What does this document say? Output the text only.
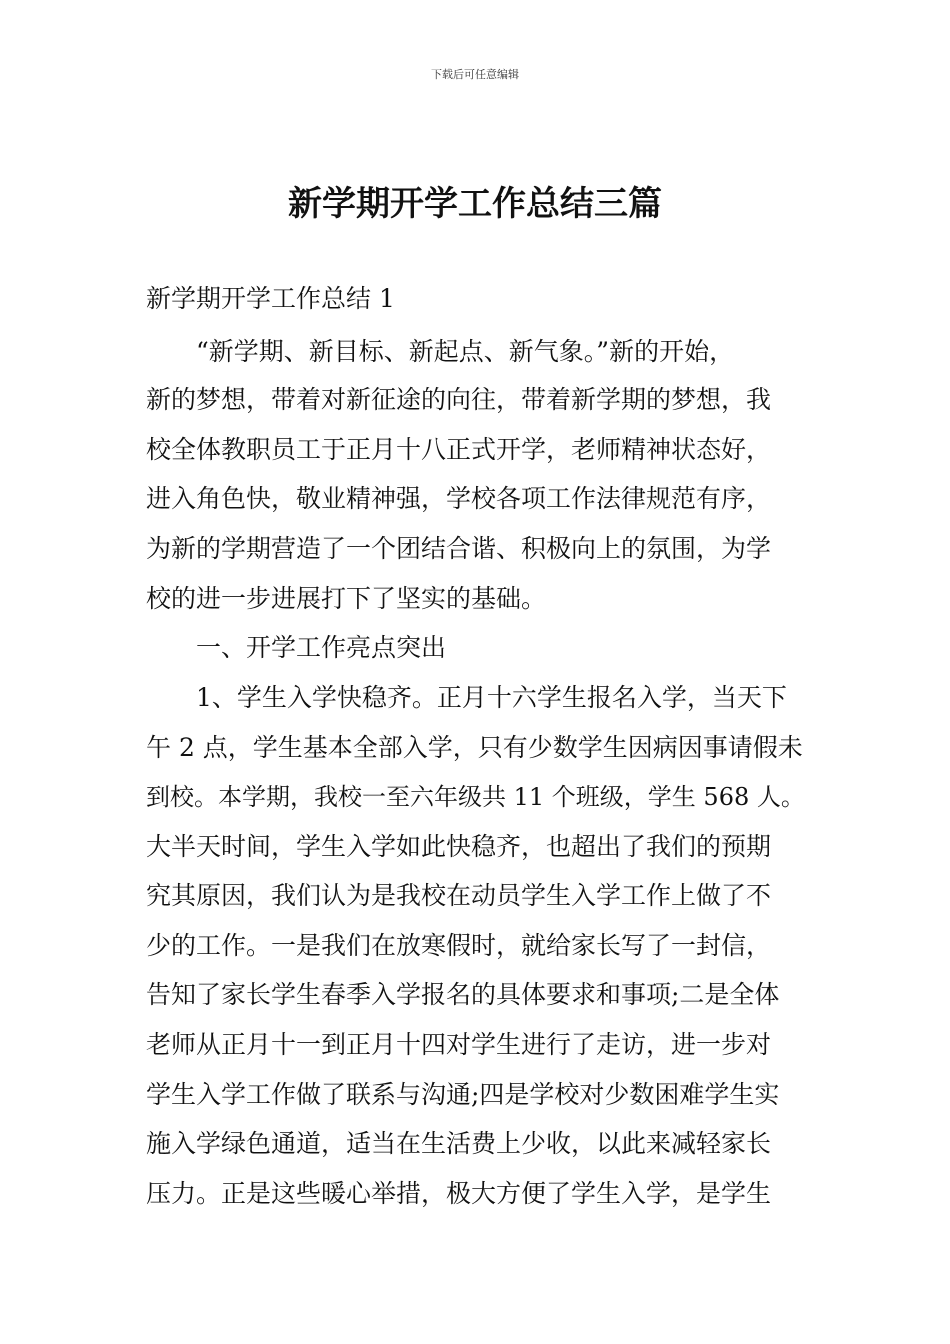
下载后可任意编辑
新学期开学工作总结三篇
新学期开学工作总结 1
“新学期、新目标、新起点、新气象。”新的开始，
新的梦想，带着对新征途的向往，带着新学期的梦想，我
校全体教职员工于正月十八正式开学，老师精神状态好，
进入角色快，敬业精神强，学校各项工作法律规范有序，
为新的学期营造了一个团结合谐、积极向上的氛围，为学
校的进一步进展打下了坚实的基础。
一、开学工作亮点突出
1、学生入学快稳齐。正月十六学生报名入学，当天下
午 2 点，学生基本全部入学，只有少数学生因病因事请假未
到校。本学期，我校一至六年级共 11 个班级，学生 568 人。
大半天时间，学生入学如此快稳齐，也超出了我们的预期
究其原因，我们认为是我校在动员学生入学工作上做了不
少的工作。一是我们在放寒假时，就给家长写了一封信，
告知了家长学生春季入学报名的具体要求和事项;二是全体
老师从正月十一到正月十四对学生进行了走访，进一步对
学生入学工作做了联系与沟通;四是学校对少数困难学生实
施入学绿色通道，适当在生活费上少收，以此来减轻家长
压力。正是这些暖心举措，极大方便了学生入学，是学生
